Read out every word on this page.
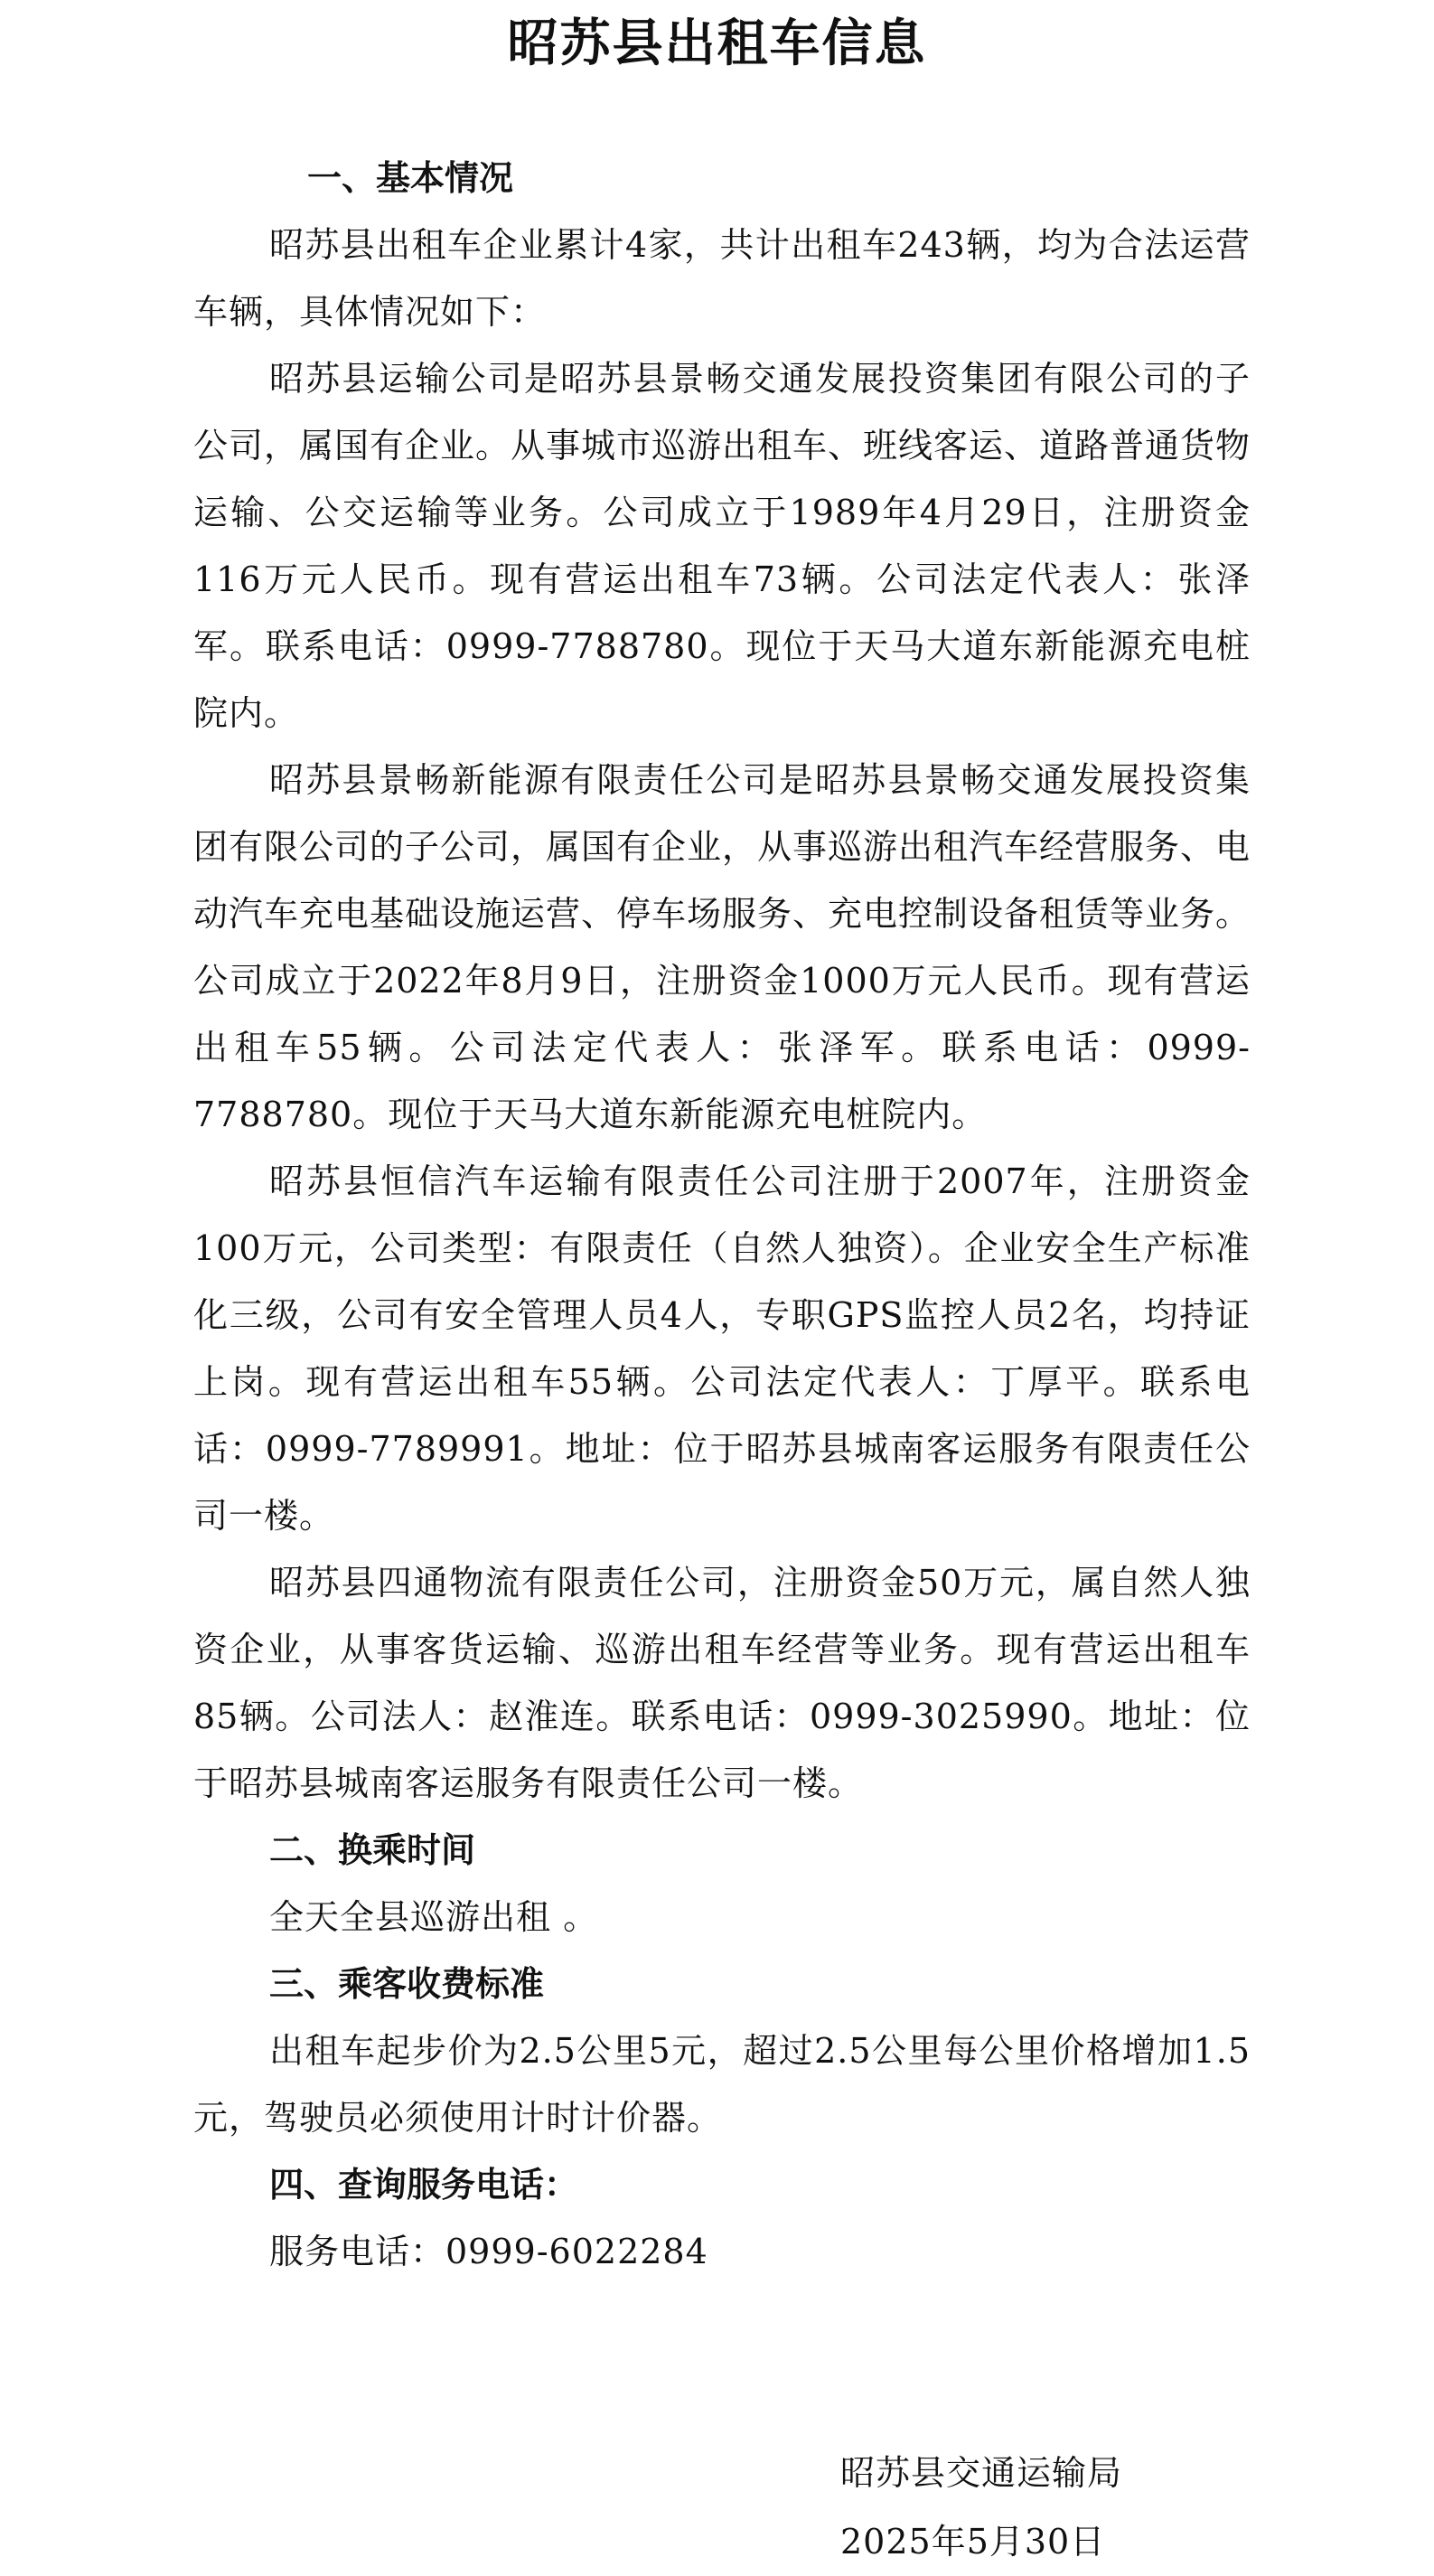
昭苏县出租车信息
一、基本情况

昭苏县出租车企业累计4家，共计出租车243辆，均为合法运营车辆，具体情况如下：

昭苏县运输公司是昭苏县景畅交通发展投资集团有限公司的子公司，属国有企业。从事城市巡游出租车、班线客运、道路普通货物运输、公交运输等业务。公司成立于1989年4月29日，注册资金116万元人民币。现有营运出租车73辆。公司法定代表人：张泽军。联系电话：0999-7788780。现位于天马大道东新能源充电桩院内。

昭苏县景畅新能源有限责任公司是昭苏县景畅交通发展投资集团有限公司的子公司，属国有企业，从事巡游出租汽车经营服务、电动汽车充电基础设施运营、停车场服务、充电控制设备租赁等业务。公司成立于2022年8月9日，注册资金1000万元人民币。现有营运出租车55辆。公司法定代表人：张泽军。联系电话：0999-7788780。现位于天马大道东新能源充电桩院内。

昭苏县恒信汽车运输有限责任公司注册于2007年，注册资金100万元，公司类型：有限责任（自然人独资）。企业安全生产标准化三级，公司有安全管理人员4人，专职GPS监控人员2名，均持证上岗。现有营运出租车55辆。公司法定代表人：丁厚平。联系电话：0999-7789991。地址：位于昭苏县城南客运服务有限责任公司一楼。

昭苏县四通物流有限责任公司，注册资金50万元，属自然人独资企业，从事客货运输、巡游出租车经营等业务。现有营运出租车85辆。公司法人：赵淮连。联系电话：0999-3025990。地址：位于昭苏县城南客运服务有限责任公司一楼。

二、换乘时间

全天全县巡游出租 。

三、乘客收费标准

出租车起步价为2.5公里5元，超过2.5公里每公里价格增加1.5元，驾驶员必须使用计时计价器。

四、查询服务电话：

服务电话：0999-6022284

昭苏县交通运输局
2025年5月30日
